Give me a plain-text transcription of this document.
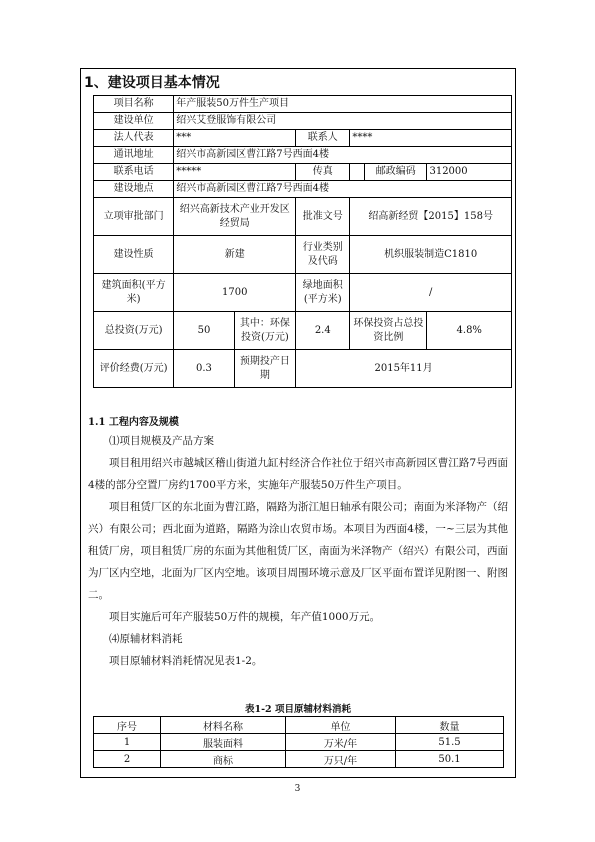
1、建设项目基本情况
项目名称	年产服装50万件生产项目					
建设单位	绍兴艾登服饰有限公司					
法人代表	***		联系人	****		
通讯地址	绍兴市高新园区曹江路7号西面4楼					
联系电话	*****		传真		邮政编码	312000
建设地点	绍兴市高新园区曹江路7号西面4楼					
立项审批部门	绍兴高新技术产业开发区经贸局		批准文号	绍高新经贸【2015】158号		
建设性质	新建		行业类别及代码	机织服装制造C1810		
建筑面积(平方米)	1700		绿地面积(平方米)	/		
总投资(万元)	50	其中：环保投资(万元)	2.4	环保投资占总投资比例		4.8%
评价经费(万元)	0.3	预期投产日期	2015年11月			
1.1 工程内容及规模

⑴项目规模及产品方案

项目租用绍兴市越城区稽山街道九缸村经济合作社位于绍兴市高新园区曹江路7号西面4楼的部分空置厂房约1700平方米，实施年产服装50万件生产项目。

项目租赁厂区的东北面为曹江路，隔路为浙江旭日轴承有限公司；南面为米泽物产（绍兴）有限公司；西北面为道路，隔路为涂山农贸市场。本项目为西面4楼，一~三层为其他租赁厂房，项目租赁厂房的东面为其他租赁厂区，南面为米泽物产（绍兴）有限公司，西面为厂区内空地，北面为厂区内空地。该项目周围环境示意及厂区平面布置详见附图一、附图二。

项目实施后可年产服装50万件的规模，年产值1000万元。

⑷原辅材料消耗

项目原辅材料消耗情况见表1-2。

表1-2 项目原辅材料消耗
序号	材料名称	单位	数量
1	服装面料	万米/年	51.5
2	商标	万只/年	50.1
3
